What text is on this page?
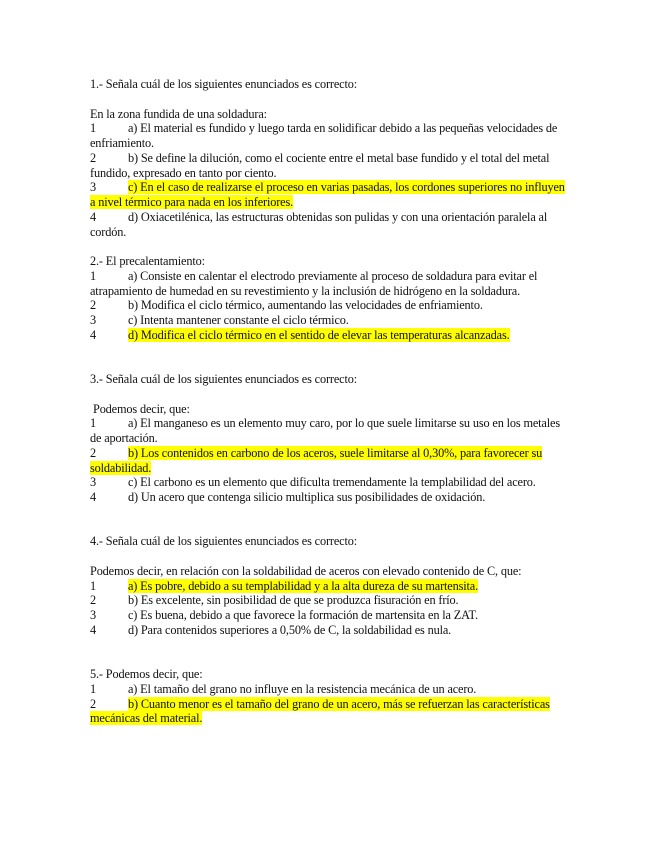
1.- Señala cuál de los siguientes enunciados es correcto:
En la zona fundida de una soldadura:
1	a) El material es fundido y luego tarda en solidificar debido a las pequeñas velocidades de enfriamiento.
2	b) Se define la dilución, como el cociente entre el metal base fundido y el total del metal fundido, expresado en tanto por ciento.
3	c) En el caso de realizarse el proceso en varias pasadas, los cordones superiores no influyen a nivel térmico para nada en los inferiores.
4	d) Oxiacetilénica, las estructuras obtenidas son pulidas y con una orientación paralela al cordón.
2.- El precalentamiento:
1	a) Consiste en calentar el electrodo previamente al proceso de soldadura para evitar el atrapamiento de humedad en su revestimiento y la inclusión de hidrógeno en la soldadura.
2	b) Modifica el ciclo térmico, aumentando las velocidades de enfriamiento.
3	c) Intenta mantener constante el ciclo térmico.
4	d) Modifica el ciclo térmico en el sentido de elevar las temperaturas alcanzadas.
3.- Señala cuál de los siguientes enunciados es correcto:
Podemos decir, que:
1	a) El manganeso es un elemento muy caro, por lo que suele limitarse su uso en los metales de aportación.
2	b) Los contenidos en carbono de los aceros, suele limitarse al 0,30%, para favorecer su soldabilidad.
3	c) El carbono es un elemento que dificulta tremendamente la templabilidad del acero.
4	d) Un acero que contenga silicio multiplica sus posibilidades de oxidación.
4.- Señala cuál de los siguientes enunciados es correcto:
Podemos decir, en relación con la soldabilidad de aceros con elevado contenido de C, que:
1	a) Es pobre, debido a su templabilidad y a la alta dureza de su martensita.
2	b) Es excelente, sin posibilidad de que se produzca fisuración en frío.
3	c) Es buena, debido a que favorece la formación de martensita en la ZAT.
4	d) Para contenidos superiores a 0,50% de C, la soldabilidad es nula.
5.- Podemos decir, que:
1	a) El tamaño del grano no influye en la resistencia mecánica de un acero.
2	b) Cuanto menor es el tamaño del grano de un acero, más se refuerzan las características mecánicas del material.
